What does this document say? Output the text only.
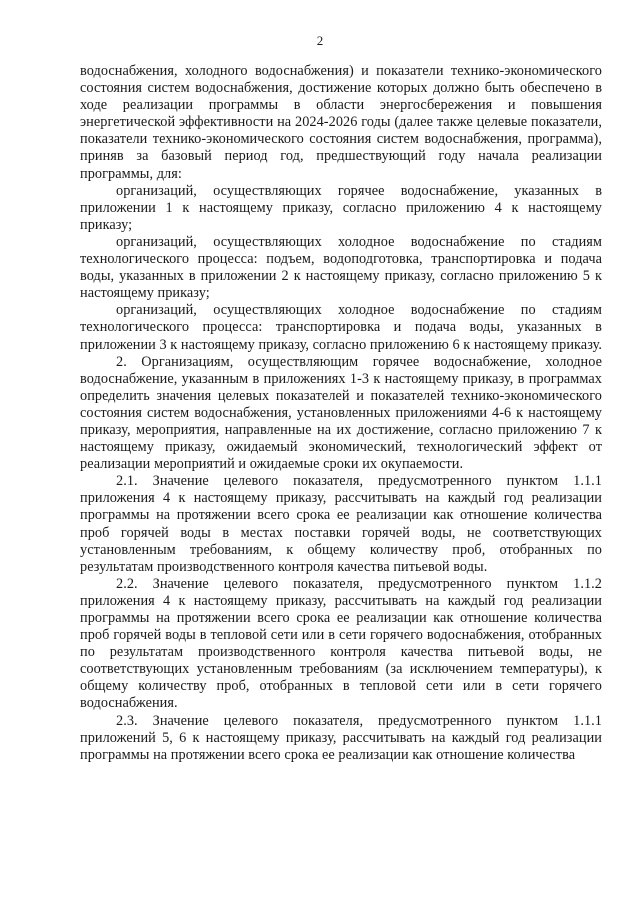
2

водоснабжения, холодного водоснабжения) и показатели технико-экономического состояния систем водоснабжения, достижение которых должно быть обеспечено в ходе реализации программы в области энергосбережения и повышения энергетической эффективности на 2024-2026 годы (далее также целевые показатели, показатели технико-экономического состояния систем водоснабжения, программа), приняв за базовый период год, предшествующий году начала реализации программы, для:

организаций, осуществляющих горячее водоснабжение, указанных в приложении 1 к настоящему приказу, согласно приложению 4 к настоящему приказу;

организаций, осуществляющих холодное водоснабжение по стадиям технологического процесса: подъем, водоподготовка, транспортировка и подача воды, указанных в приложении 2 к настоящему приказу, согласно приложению 5 к настоящему приказу;

организаций, осуществляющих холодное водоснабжение по стадиям технологического процесса: транспортировка и подача воды, указанных в приложении 3 к настоящему приказу, согласно приложению 6 к настоящему приказу.

2. Организациям, осуществляющим горячее водоснабжение, холодное водоснабжение, указанным в приложениях 1-3 к настоящему приказу, в программах определить значения целевых показателей и показателей технико-экономического состояния систем водоснабжения, установленных приложениями 4-6 к настоящему приказу, мероприятия, направленные на их достижение, согласно приложению 7 к настоящему приказу, ожидаемый экономический, технологический эффект от реализации мероприятий и ожидаемые сроки их окупаемости.

2.1. Значение целевого показателя, предусмотренного пунктом 1.1.1 приложения 4 к настоящему приказу, рассчитывать на каждый год реализации программы на протяжении всего срока ее реализации как отношение количества проб горячей воды в местах поставки горячей воды, не соответствующих установленным требованиям, к общему количеству проб, отобранных по результатам производственного контроля качества питьевой воды.

2.2. Значение целевого показателя, предусмотренного пунктом 1.1.2 приложения 4 к настоящему приказу, рассчитывать на каждый год реализации программы на протяжении всего срока ее реализации как отношение количества проб горячей воды в тепловой сети или в сети горячего водоснабжения, отобранных по результатам производственного контроля качества питьевой воды, не соответствующих установленным требованиям (за исключением температуры), к общему количеству проб, отобранных в тепловой сети или в сети горячего водоснабжения.

2.3. Значение целевого показателя, предусмотренного пунктом 1.1.1 приложений 5, 6 к настоящему приказу, рассчитывать на каждый год реализации программы на протяжении всего срока ее реализации как отношение количества
